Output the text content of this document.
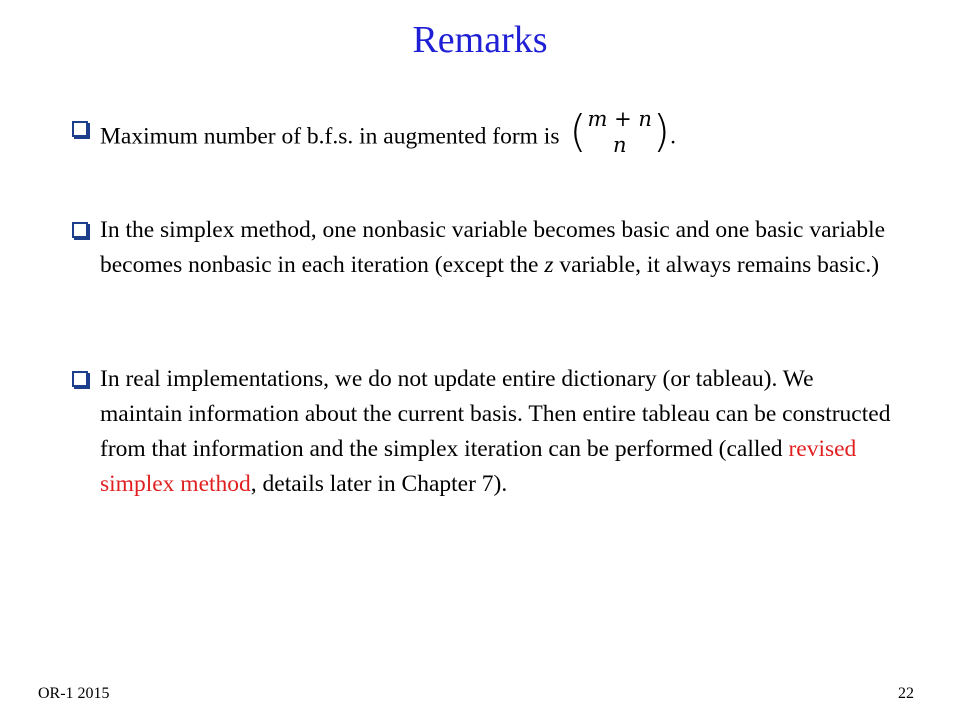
Remarks
Maximum number of b.f.s. in augmented form is ( m + n
n ).
In the simplex method, one nonbasic variable becomes basic and one basic variable becomes nonbasic in each iteration (except the z variable, it always remains basic.)
In real implementations, we do not update entire dictionary (or tableau). We maintain information about the current basis. Then entire tableau can be constructed from that information and the simplex iteration can be performed (called revised simplex method, details later in Chapter 7).
OR-1 2015	22
